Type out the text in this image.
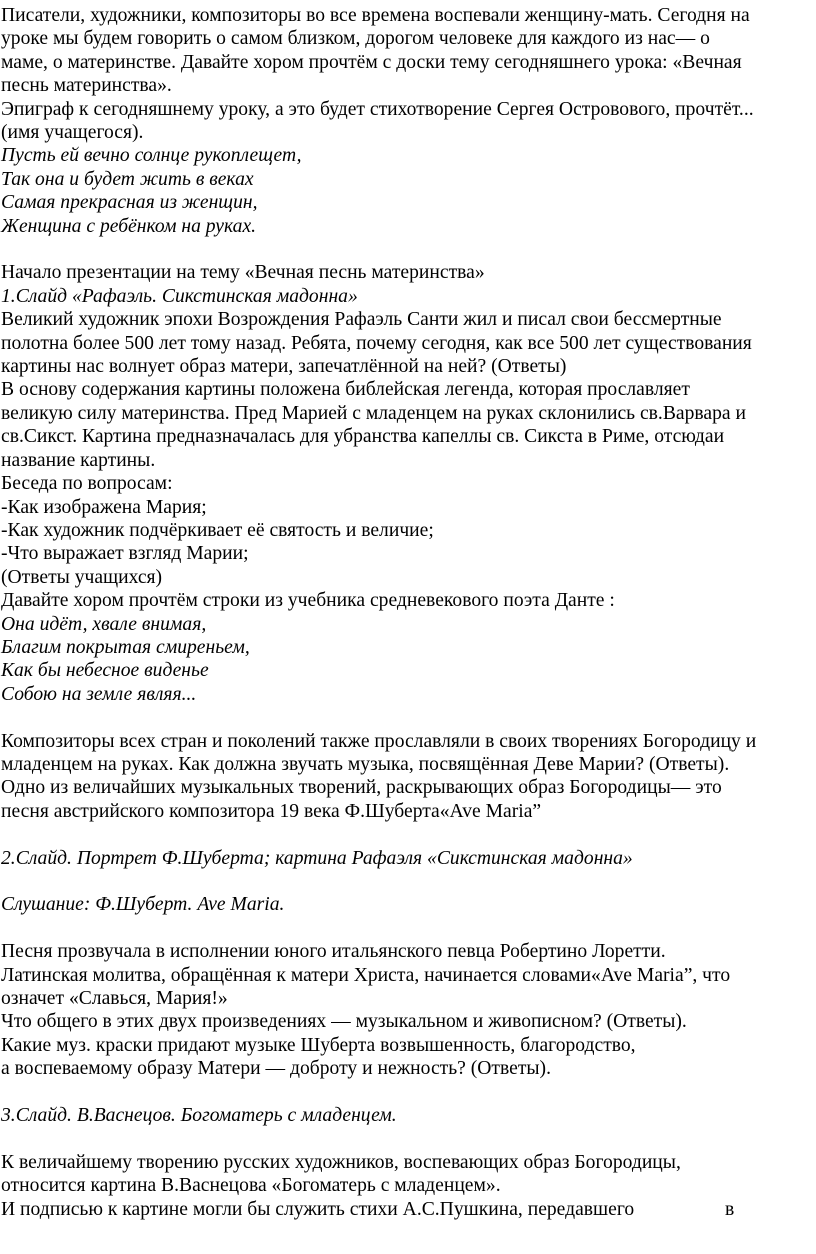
Писатели, художники, композиторы во все времена воспевали женщину-мать. Сегодня на
уроке мы будем говорить о самом близком, дорогом человеке для каждого из нас— о
маме, о материнстве. Давайте хором прочтём с доски тему сегодняшнего урока: «Вечная
песнь материнства».
Эпиграф к сегодняшнему уроку, а это будет стихотворение Сергея Островового, прочтёт...
(имя учащегося).
Пусть ей вечно солнце рукоплещет,
Так она и будет жить в веках
Самая прекрасная из женщин,
Женщина с ребёнком на руках.
Начало презентации на тему «Вечная песнь материнства»
1.Слайд «Рафаэль. Сикстинская мадонна»
Великий художник эпохи Возрождения Рафаэль Санти жил и писал свои бессмертные
полотна более 500 лет тому назад. Ребята, почему сегодня, как все 500 лет существования
картины нас волнует образ матери, запечатлённой на ней? (Ответы)
В основу содержания картины положена библейская легенда, которая прославляет
великую силу материнства. Пред Марией с младенцем на руках склонились св.Варвара и
св.Сикст. Картина предназначалась для убранства капеллы св. Сикста в Риме, отсюдаи
название картины.
Беседа по вопросам:
-Как изображена Мария;
-Как художник подчёркивает её святость и величие;
-Что выражает взгляд Марии;
(Ответы учащихся)
Давайте хором прочтём строки из учебника средневекового поэта Данте :
Она идёт, хвале внимая,
Благим покрытая смиреньем,
Как бы небесное виденье
Собою на земле являя...
Композиторы всех стран и поколений также прославляли в своих творениях Богородицу и
младенцем на руках. Как должна звучать музыка, посвящённая Деве Марии? (Ответы).
Одно из величайших музыкальных творений, раскрывающих образ Богородицы— это
песня австрийского композитора 19 века Ф.Шуберта«Ave Maria”
2.Слайд. Портрет Ф.Шуберта; картина Рафаэля «Сикстинская мадонна»
Слушание: Ф.Шуберт. Ave Maria.
Песня прозвучала в исполнении юного итальянского певца Робертино Лоретти.
Латинская молитва, обращённая к матери Христа, начинается словами«Ave Maria”, что
означет «Славься, Мария!»
Что общего в этих двух произведениях — музыкальном и живописном? (Ответы).
Какие муз. краски придают музыке Шуберта возвышенность, благородство,
а воспеваемому образу Матери — доброту и нежность? (Ответы).
3.Слайд. В.Васнецов. Богоматерь с младенцем.
К величайшему творению русских художников, воспевающих образ Богородицы,
относится картина В.Васнецова «Богоматерь с младенцем».
И подписью к картине могли бы служить стихи А.С.Пушкина, передавшего	в
